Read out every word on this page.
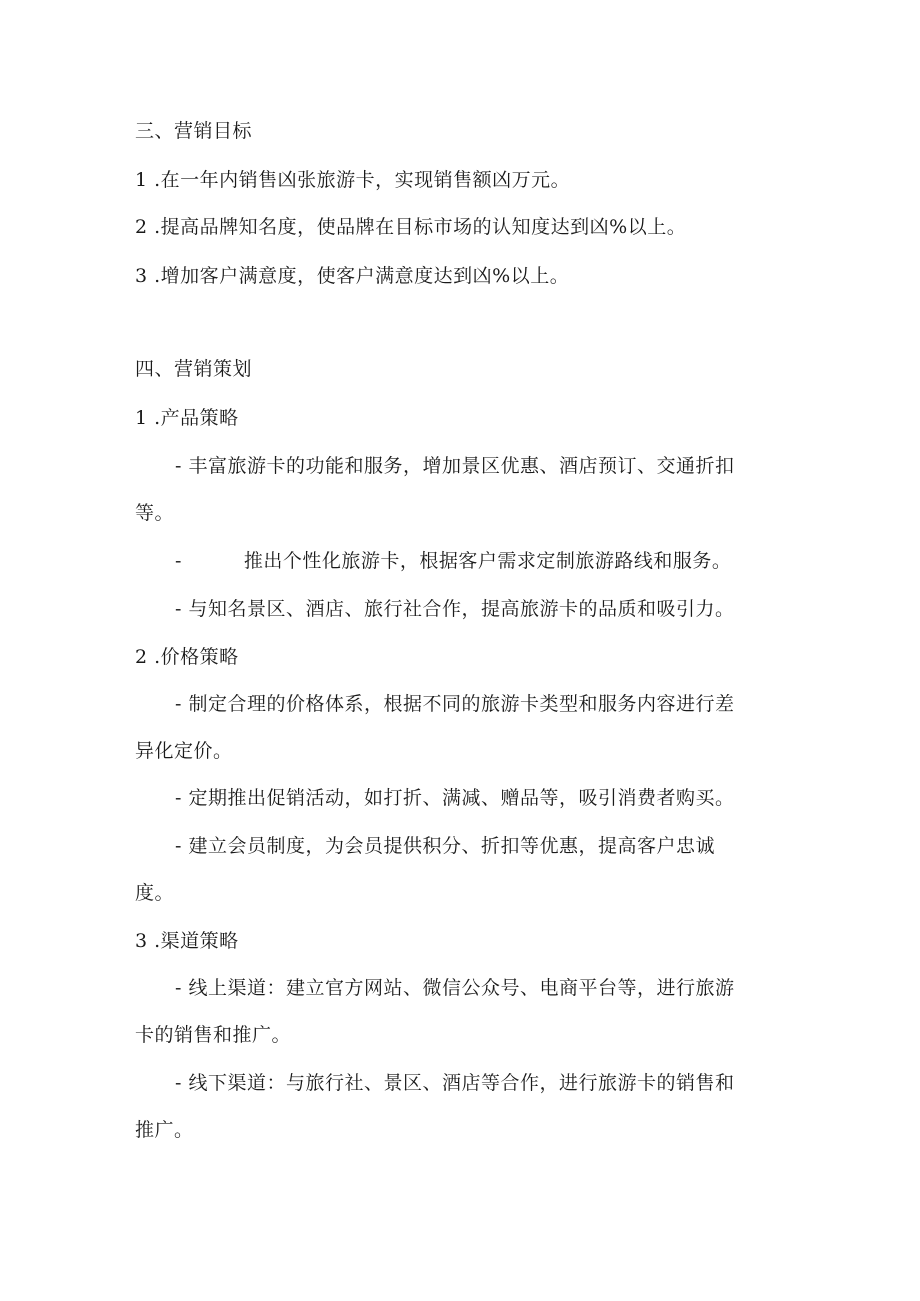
三、营销目标
1 .在一年内销售凶张旅游卡，实现销售额凶万元。
2 .提高品牌知名度，使品牌在目标市场的认知度达到凶%以上。
3 .增加客户满意度，使客户满意度达到凶%以上。
四、营销策划
1 .产品策略
- 丰富旅游卡的功能和服务，增加景区优惠、酒店预订、交通折扣
等。
-	推出个性化旅游卡，根据客户需求定制旅游路线和服务。
- 与知名景区、酒店、旅行社合作，提高旅游卡的品质和吸引力。
2 .价格策略
- 制定合理的价格体系，根据不同的旅游卡类型和服务内容进行差
异化定价。
- 定期推出促销活动，如打折、满减、赠品等，吸引消费者购买。
- 建立会员制度，为会员提供积分、折扣等优惠，提高客户忠诚
度。
3 .渠道策略
- 线上渠道：建立官方网站、微信公众号、电商平台等，进行旅游
卡的销售和推广。
- 线下渠道：与旅行社、景区、酒店等合作，进行旅游卡的销售和
推广。
